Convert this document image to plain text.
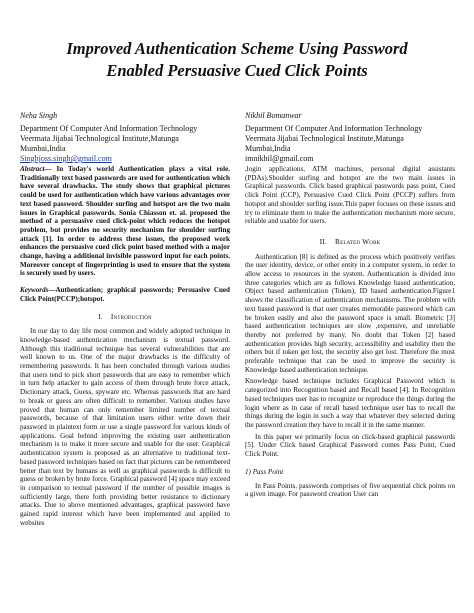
Improved Authentication Scheme Using Password
Enabled Persuasive Cued Click Points
Neha Singh
Department Of Computer And Information Technology
Veermata Jijabai Technological Institute,Matunga
Mumbai,India
Singhjoss.singh@gmail.com
Nikhil Bomanwar
Department Of Computer And Information Technology
Veermata Jijabai Technological Institute,Matunga
Mumbai,India
imnikhil@gmail.com

Abstract— In Today's world Authentication plays a vital role. Traditionally text based passwords are used for authentication which have several drawbacks. The study shows that graphical pictures could be used for authentication which have various advantages over text based password. Shoulder surfing and hotspot are the two main issues in Graphical passwords. Sonia Chiasson et. al. proposed the method of a persuasive cued click-point which reduces the hotspot problem, but provides no security mechanism for shoulder surfing attack [1]. In order to address these issues, the proposed work enhances the persuasive cued click point based method with a major change, having a additional invisible password input for each points. Moreover concept of fingerprinting is used to ensure that the system is securely used by users.

Keywords—Authentication; graphical passwords; Persuasive Cued Click Point(PCCP);hotspot.

I. Introduction

In our day to day life most common and widely adopted technique in knowledge-based authentication mechanism is textual password. Although this traditional technique has several vulnerabilities that are well known to us. One of the major drawbacks is the difficulty of remembering passwords. It has been concluded through various studies that users tend to pick short passwords that are easy to remember which in turn help attacker to gain access of them through brute force attack, Dictionary attack, Guess, spyware etc. Whereas passwords that are hard to break or guess are often difficult to remember. Various studies have proved that human can only remember limited number of textual passwords, because of that limitation users either write down their password in plaintext form or use a single password for various kinds of applications. Goal behind improving the existing user authentication mechanism is to make it more secure and usable for the user. Graphical authentication system is proposed as an alternative to traditional text-based password techniques based on fact that pictures can be remembered better than text by humans as well as graphical passwords is difficult to guess or broken by brute force. Graphical password [4] space may exceed in comparison to textual password if the number of possible images is sufficiently large, there forth providing better resistance to dictionary attacks. Due to above mentioned advantages, graphical password have gained rapid interest which have been implemented and applied to websites

,login applications, ATM machines, personal digital assistants (PDAs).Shoulder surfing and hotspot are the two main issues in Graphical passwords. Click based graphical passwords pass point, Cued click Point (CCP), Persuasive Cued Click Point (PCCP) suffers from hotspot and shoulder surfing issue.This paper focuses on these issues and try to eliminate them to make the authentication mechanism more secure, reliable and usable for users.

II. Related Work

Authentication [8] is defined as the process which positively verifies the user identity, device, or other entity in a computer system, in order to allow access to resources in the system. Authentication is divided into three categories which are as follows Knowledge based authentication, Object based authentication (Token), ID based authentication.Figure1 shows the classification of authentication mechanisms. The problem with text based password is that user creates memorable password which can be broken easily and also the password space is small. Biometric [3] based authentication techniques are slow ,expensive, and unreliable thereby not preferred by many. No doubt that Token [2] based authentication provides high security, accessibility and usability then the others but if token get lost, the security also get lost. Therefore the most preferable technique that can be used to improve the security is Knowledge based authentication technique.

Knowledge based technique includes Graphical Password which is categorized into Recognition based and Recall based [4]. In Recognition based techniques user has to recognize or reproduce the things during the login where as in case of recall based technique user has to recall the things during the login in such a way that whatever they selected during the password creation they have to recall it in the same manner.

In this paper we primarily focus on click-based graphical passwords [5]. Under Click based Graphical Password comes Pass Point, Cued Click Point.

1) Pass Point

In Pass Points, passwords comprises of five sequential click points on a given image. For password creation User can
